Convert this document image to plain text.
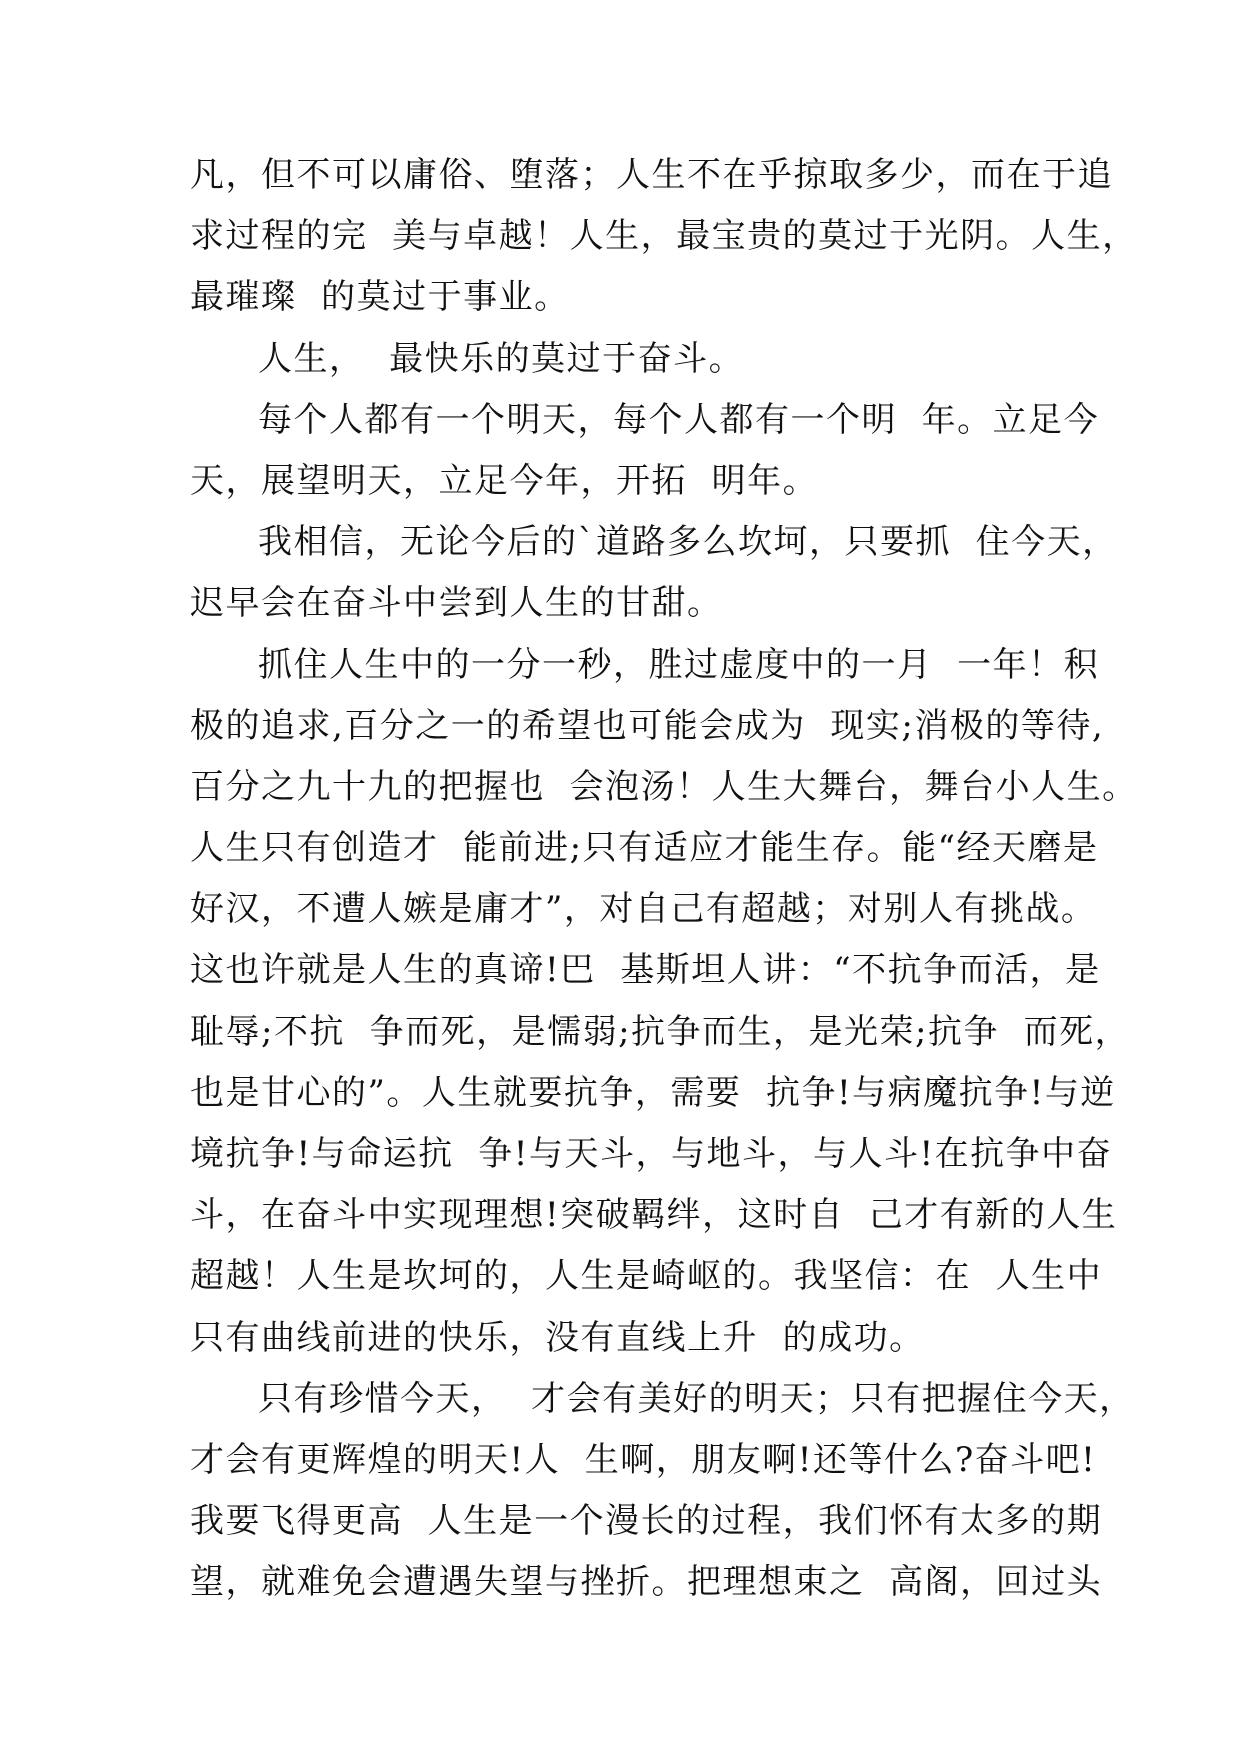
凡，但不可以庸俗、堕落；人生不在乎掠取多少，而在于追
求过程的完  美与卓越！人生，最宝贵的莫过于光阴。人生，
最璀璨  的莫过于事业。
人生，  最快乐的莫过于奋斗。
每个人都有一个明天，每个人都有一个明  年。立足今
天，展望明天，立足今年，开拓  明年。
我相信，无论今后的`道路多么坎坷，只要抓  住今天，
迟早会在奋斗中尝到人生的甘甜。
抓住人生中的一分一秒，胜过虚度中的一月  一年！积
极的追求,百分之一的希望也可能会成为  现实;消极的等待,
百分之九十九的把握也  会泡汤！人生大舞台，舞台小人生。
人生只有创造才  能前进;只有适应才能生存。能“经天磨是
好汉，不遭人嫉是庸才”，对自己有超越；对别人有挑战。
这也许就是人生的真谛!巴  基斯坦人讲：“不抗争而活，是
耻辱;不抗  争而死，是懦弱;抗争而生，是光荣;抗争  而死，
也是甘心的”。人生就要抗争，需要  抗争!与病魔抗争!与逆
境抗争!与命运抗  争!与天斗，与地斗，与人斗!在抗争中奋
斗，在奋斗中实现理想!突破羁绊，这时自  己才有新的人生
超越！人生是坎坷的，人生是崎岖的。我坚信：在  人生中
只有曲线前进的快乐，没有直线上升  的成功。
只有珍惜今天，  才会有美好的明天；只有把握住今天，
才会有更辉煌的明天!人  生啊，朋友啊!还等什么?奋斗吧!
我要飞得更高  人生是一个漫长的过程，我们怀有太多的期
望，就难免会遭遇失望与挫折。把理想束之  高阁，回过头
